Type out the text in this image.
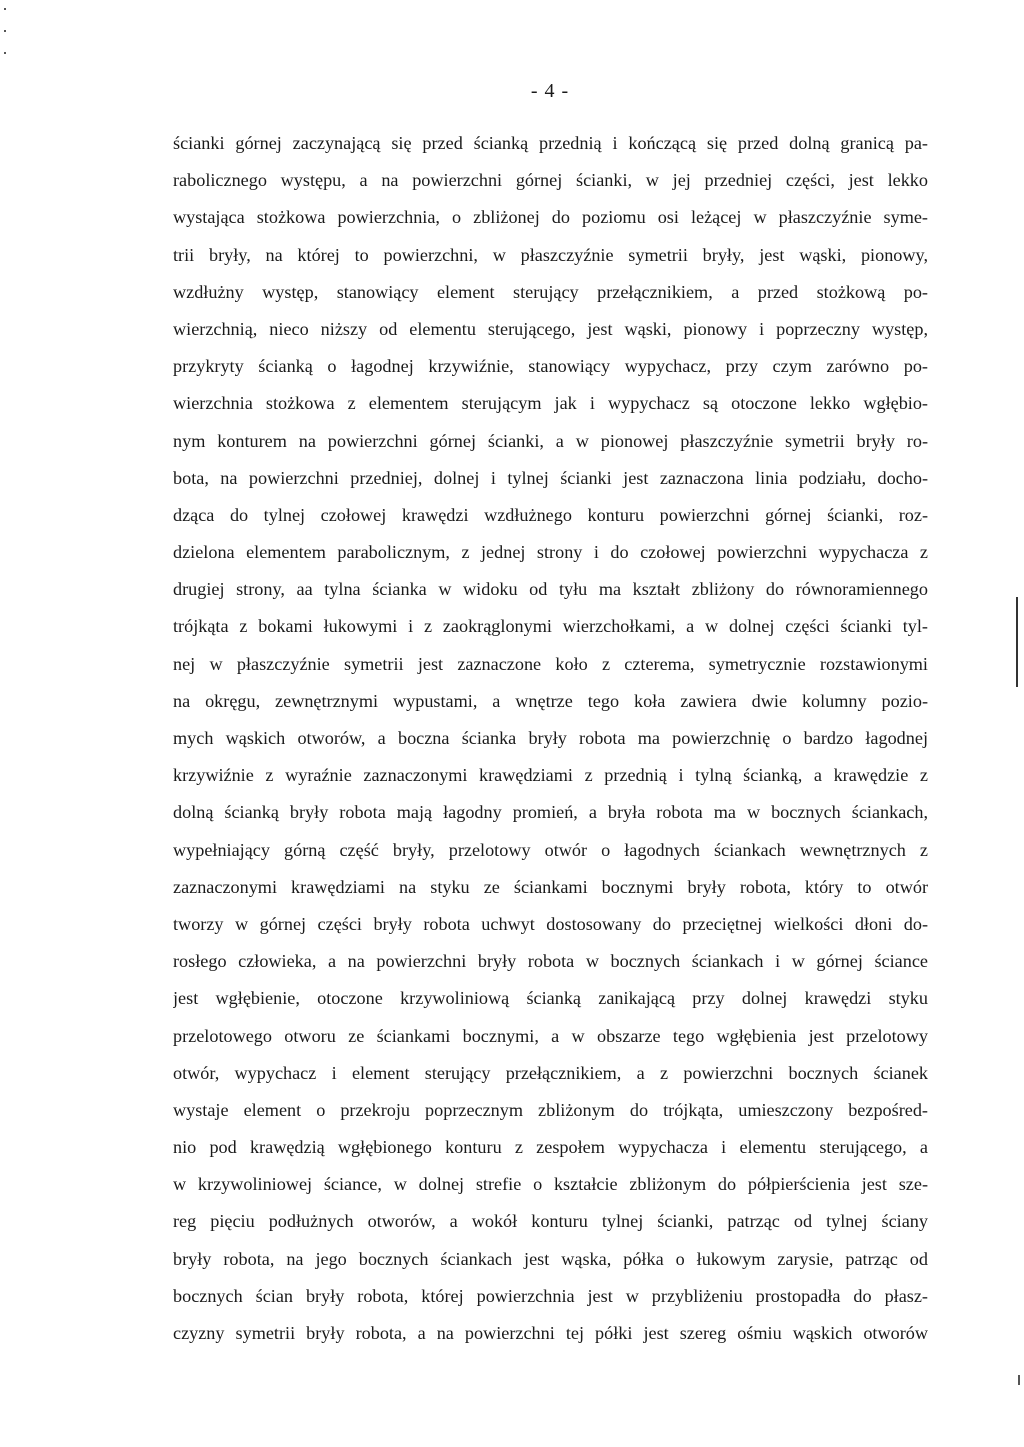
- 4 -
ścianki górnej zaczynającą się przed ścianką przednią i kończącą się przed dolną granicą pa-
rabolicznego występu, a na powierzchni górnej ścianki, w jej przedniej części, jest lekko
wystająca stożkowa powierzchnia, o zbliżonej do poziomu osi leżącej w płaszczyźnie syme-
trii bryły, na której to powierzchni, w płaszczyźnie symetrii bryły, jest wąski, pionowy,
wzdłużny występ, stanowiący element sterujący przełącznikiem, a przed stożkową po-
wierzchnią, nieco niższy od elementu sterującego, jest wąski, pionowy i poprzeczny występ,
przykryty ścianką o łagodnej krzywiźnie, stanowiący wypychacz, przy czym zarówno po-
wierzchnia stożkowa z elementem sterującym jak i wypychacz są otoczone lekko wgłębio-
nym konturem na powierzchni górnej ścianki, a w pionowej płaszczyźnie symetrii bryły ro-
bota, na powierzchni przedniej, dolnej i tylnej ścianki jest zaznaczona linia podziału, docho-
dząca do tylnej czołowej krawędzi wzdłużnego konturu powierzchni górnej ścianki, roz-
dzielona elementem parabolicznym, z jednej strony i do czołowej powierzchni wypychacza z
drugiej strony, aa tylna ścianka w widoku od tyłu ma kształt zbliżony do równoramiennego
trójkąta z bokami łukowymi i z zaokrąglonymi wierzchołkami, a w dolnej części ścianki tyl-
nej w płaszczyźnie symetrii jest zaznaczone koło z czterema, symetrycznie rozstawionymi
na okręgu, zewnętrznymi wypustami, a wnętrze tego koła zawiera dwie kolumny pozio-
mych wąskich otworów, a boczna ścianka bryły robota ma powierzchnię o bardzo łagodnej
krzywiźnie z wyraźnie zaznaczonymi krawędziami z przednią i tylną ścianką, a krawędzie z
dolną ścianką bryły robota mają łagodny promień, a bryła robota ma w bocznych ściankach,
wypełniający górną część bryły, przelotowy otwór o łagodnych ściankach wewnętrznych z
zaznaczonymi krawędziami na styku ze ściankami bocznymi bryły robota, który to otwór
tworzy w górnej części bryły robota uchwyt dostosowany do przeciętnej wielkości dłoni do-
rosłego człowieka, a na powierzchni bryły robota w bocznych ściankach i w górnej ściance
jest wgłębienie, otoczone krzywoliniową ścianką zanikającą przy dolnej krawędzi styku
przelotowego otworu ze ściankami bocznymi, a w obszarze tego wgłębienia jest przelotowy
otwór, wypychacz i element sterujący przełącznikiem, a z powierzchni bocznych ścianek
wystaje element o przekroju poprzecznym zbliżonym do trójkąta, umieszczony bezpośred-
nio pod krawędzią wgłębionego konturu z zespołem wypychacza i elementu sterującego, a
w krzywoliniowej ściance, w dolnej strefie o kształcie zbliżonym do półpierścienia jest sze-
reg pięciu podłużnych otworów, a wokół konturu tylnej ścianki, patrząc od tylnej ściany
bryły robota, na jego bocznych ściankach jest wąska, półka o łukowym zarysie, patrząc od
bocznych ścian bryły robota, której powierzchnia jest w przybliżeniu prostopadła do płasz-
czyzny symetrii bryły robota, a na powierzchni tej półki jest szereg ośmiu wąskich otworów
